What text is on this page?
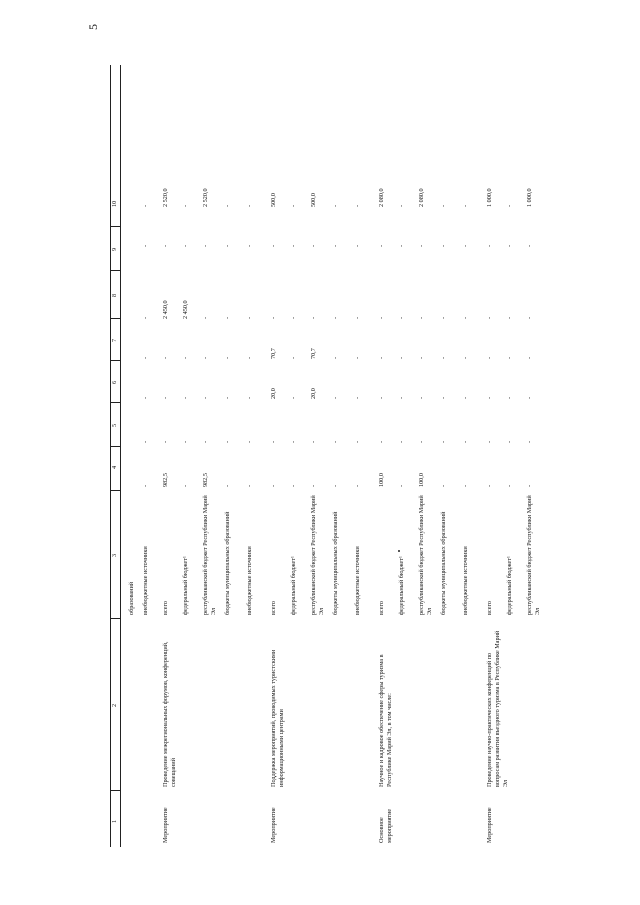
5
1
2
3
4
5
6
7
8
9
10
образований внебюджетные источники
-
-
-
-
-
-
-
Мероприятие
Проведение межрегиональных форумов, конференций, совещаний
всего
982,5
-
-
-
2 450,0
-
2 520,0
федеральный бюджет¹
-
-
-
-
2 450,0
-
-
республиканский бюджет Республики Марий Эл
982,5
-
-
-
-
-
2 520,0
бюджеты муниципальных образований
-
-
-
-
-
-
-
внебюджетные источники
-
-
-
-
-
-
-
Мероприятие
Поддержка мероприятий, проводимых туристскими информационными центрами
всего
-
-
20,0
70,7
-
-
500,0
федеральный бюджет¹
-
-
-
-
-
-
-
республиканский бюджет Республики Марий Эл
-
-
20,0
70,7
-
-
500,0
бюджеты муниципальных образований
-
-
-
-
-
-
-
внебюджетные источники
-
-
-
-
-
-
-
Основное мероприятие
Научное и кадровое обеспечение сферы туризма в Республике Марий Эл, в том числе:
всего
100,0
-
-
-
-
-
2 080,0
федеральный бюджет¹
-
-
-
-
-
-
-
республиканский бюджет Республики Марий Эл
100,0
-
-
-
-
-
2 080,0
бюджеты муниципальных образований
-
-
-
-
-
-
-
внебюджетные источники
-
-
-
-
-
-
-
Мероприятие
Проведение научно-практических конференций по вопросам развития въездного туризма в Республике Марий Эл
всего
-
-
-
-
-
-
1 000,0
федеральный бюджет¹
-
-
-
-
-
-
-
республиканский бюджет Республики Марий Эл
-
-
-
-
-
-
1 000,0
